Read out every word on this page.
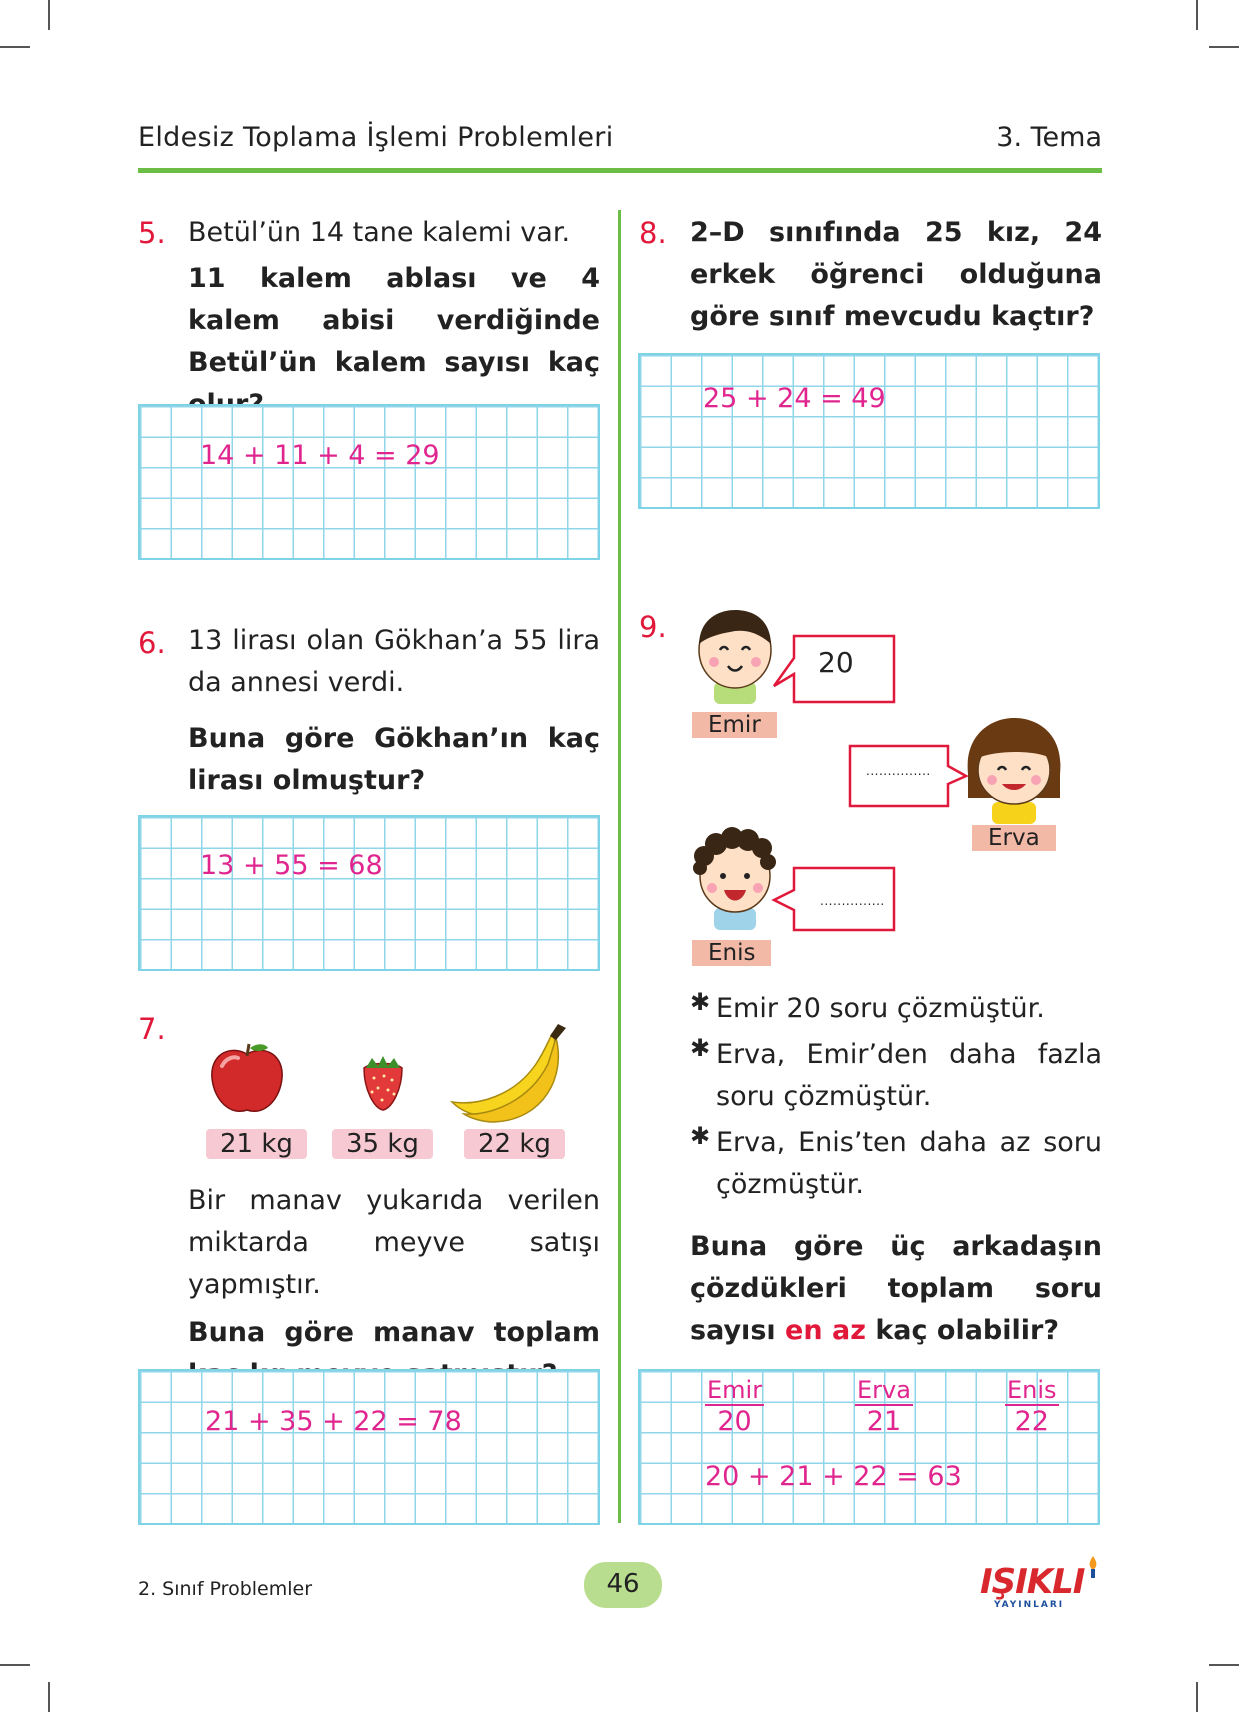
Eldesiz Toplama İşlemi Problemleri	3. Tema
5. Betül’ün 14 tane kalemi var.
11 kalem ablası ve 4 kalem abisi verdiğinde Betül’ün kalem sayısı kaç
14 + 11 + 4 = 29
6. 13 lirası olan Gökhan’a 55 lira da annesi verdi.
Buna göre Gökhan’ın kaç lirası olmuştur?
13 + 55 = 68
7.
21 kg	35 kg	22 kg
Bir manav yukarıda verilen miktarda meyve satışı yapmıştır.
Buna göre manav toplam
21 + 35 + 22 = 78
8. 2–D sınıfında 25 kız, 24 erkek öğrenci olduğuna göre sınıf mevcudu kaçtır?
25 + 24 = 49
9.
Emir
20
Erva
...............
Enis
...............
✱ Emir 20 soru çözmüştür.
✱ Erva, Emir’den daha fazla soru çözmüştür.
✱ Erva, Enis’ten daha az soru çözmüştür.
Buna göre üç arkadaşın çözdükleri toplam soru sayısı en az kaç olabilir?
Emir
20
Erva
21
Enis
22
20 + 21 + 22 = 63
2. Sınıf Problemler	46	IŞIKLI
YAYINLARI
